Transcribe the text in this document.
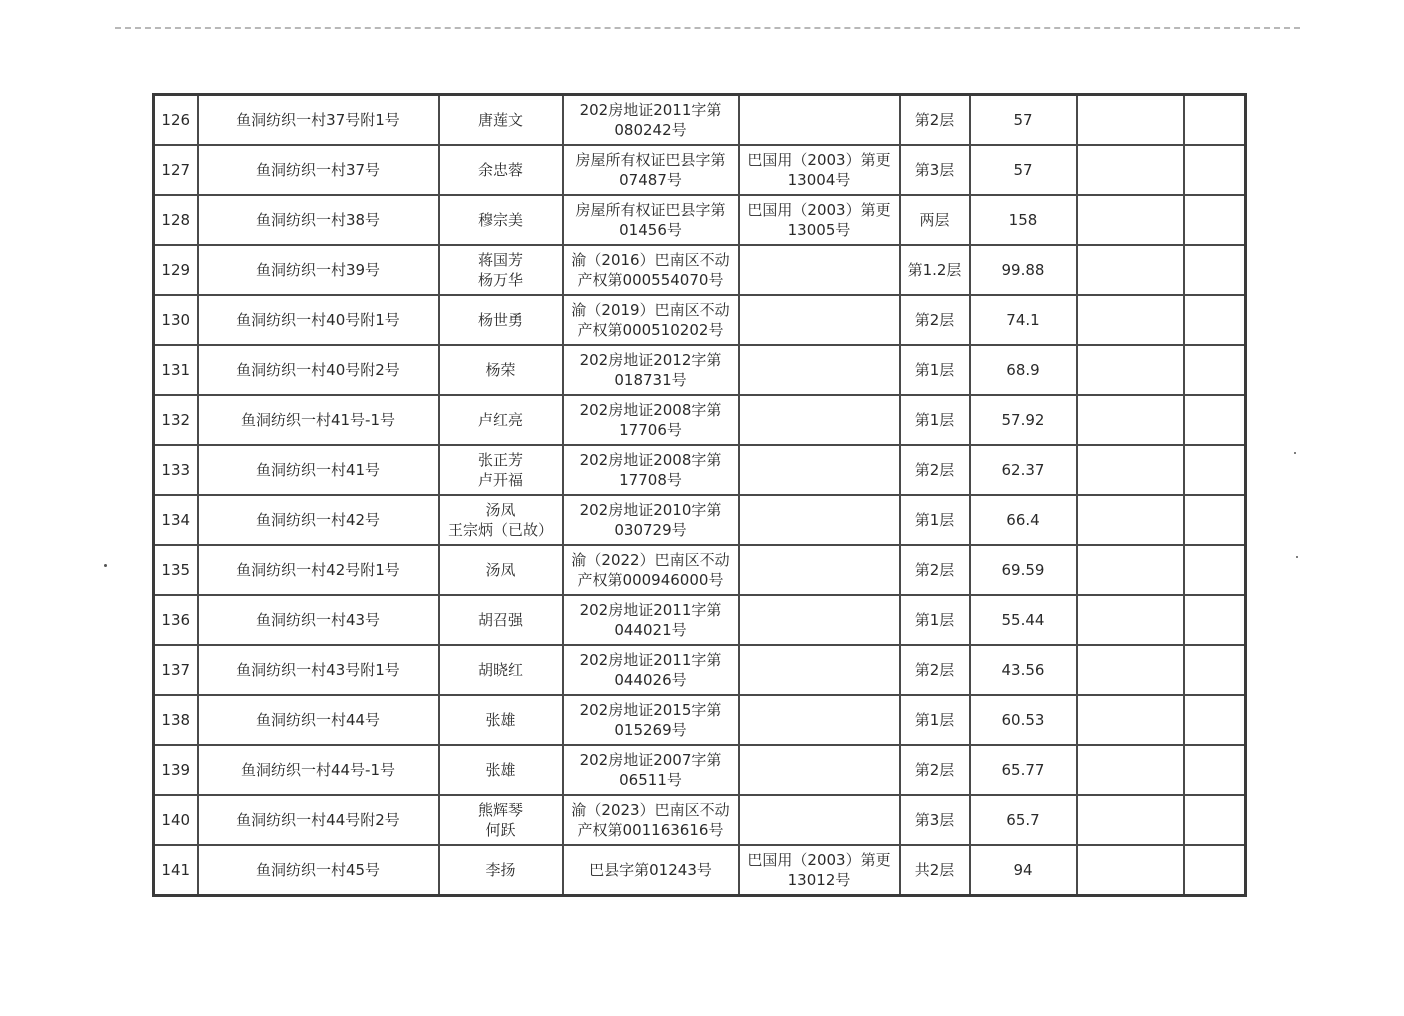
126	鱼洞纺织一村37号附1号	唐莲文	202房地证2011字第
080242号		第2层	57		
127	鱼洞纺织一村37号	余忠蓉	房屋所有权证巴县字第
07487号	巴国用（2003）第更
13004号	第3层	57		
128	鱼洞纺织一村38号	穆宗美	房屋所有权证巴县字第
01456号	巴国用（2003）第更
13005号	两层	158		
129	鱼洞纺织一村39号	蒋国芳
杨万华	渝（2016）巴南区不动
产权第000554070号		第1.2层	99.88		
130	鱼洞纺织一村40号附1号	杨世勇	渝（2019）巴南区不动
产权第000510202号		第2层	74.1		
131	鱼洞纺织一村40号附2号	杨荣	202房地证2012字第
018731号		第1层	68.9		
132	鱼洞纺织一村41号-1号	卢红亮	202房地证2008字第
17706号		第1层	57.92		
133	鱼洞纺织一村41号	张正芳
卢开福	202房地证2008字第
17708号		第2层	62.37		
134	鱼洞纺织一村42号	汤凤
王宗炳（已故）	202房地证2010字第
030729号		第1层	66.4		
135	鱼洞纺织一村42号附1号	汤凤	渝（2022）巴南区不动
产权第000946000号		第2层	69.59		
136	鱼洞纺织一村43号	胡召强	202房地证2011字第
044021号		第1层	55.44		
137	鱼洞纺织一村43号附1号	胡晓红	202房地证2011字第
044026号		第2层	43.56		
138	鱼洞纺织一村44号	张雄	202房地证2015字第
015269号		第1层	60.53		
139	鱼洞纺织一村44号-1号	张雄	202房地证2007字第
06511号		第2层	65.77		
140	鱼洞纺织一村44号附2号	熊辉琴
何跃	渝（2023）巴南区不动
产权第001163616号		第3层	65.7		
141	鱼洞纺织一村45号	李扬	巴县字第01243号	巴国用（2003）第更
13012号	共2层	94		
